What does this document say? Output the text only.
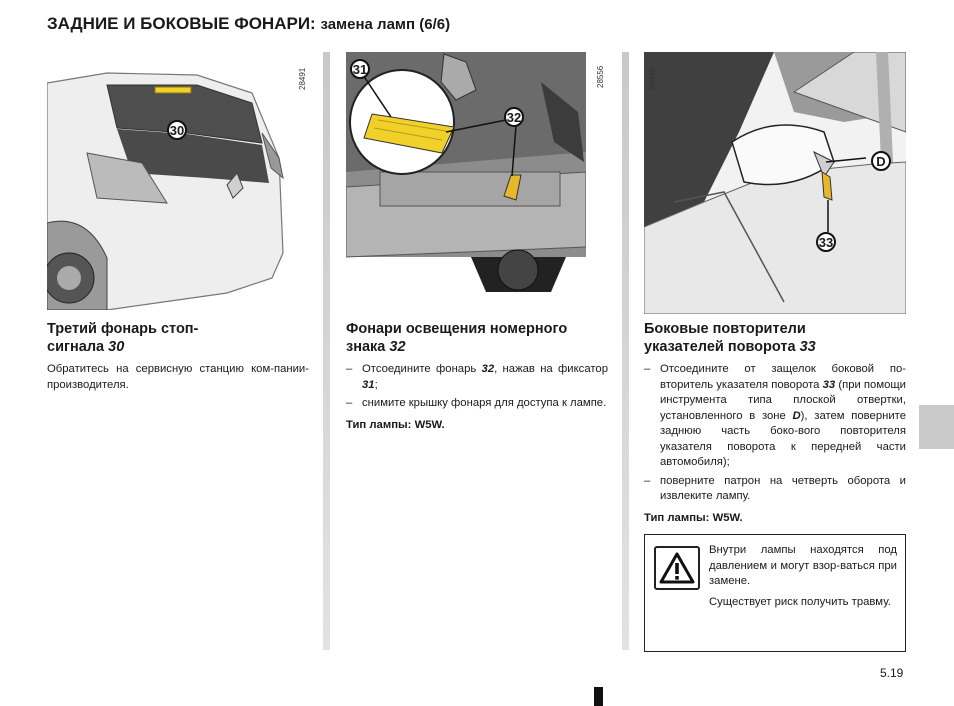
ЗАДНИЕ И БОКОВЫЕ ФОНАРИ: замена ламп (6/6)
30
28491
Третий фонарь стоп-
сигнала 30
Обратитесь на сервисную станцию ком-пании-производителя.
31
32
28556
Фонари освещения номерного
знака 32
– Отсоедините фонарь 32, нажав на фиксатор 31;
– снимите крышку фонаря для доступа к лампе.
Тип лампы: W5W.
D
33
28449
Боковые повторители
указателей поворота 33
– Отсоедините от защелок боковой по-вторитель указателя поворота 33 (при помощи инструмента типа плоской отвертки, установленного в зоне D), затем поверните заднюю часть боко-вого повторителя указателя поворота к передней части автомобиля);
– поверните патрон на четверть оборота и извлеките лампу.
Тип лампы: W5W.
Внутри лампы находятся под давлением и могут взор-ваться при замене.
Существует риск получить травму.
5.19
